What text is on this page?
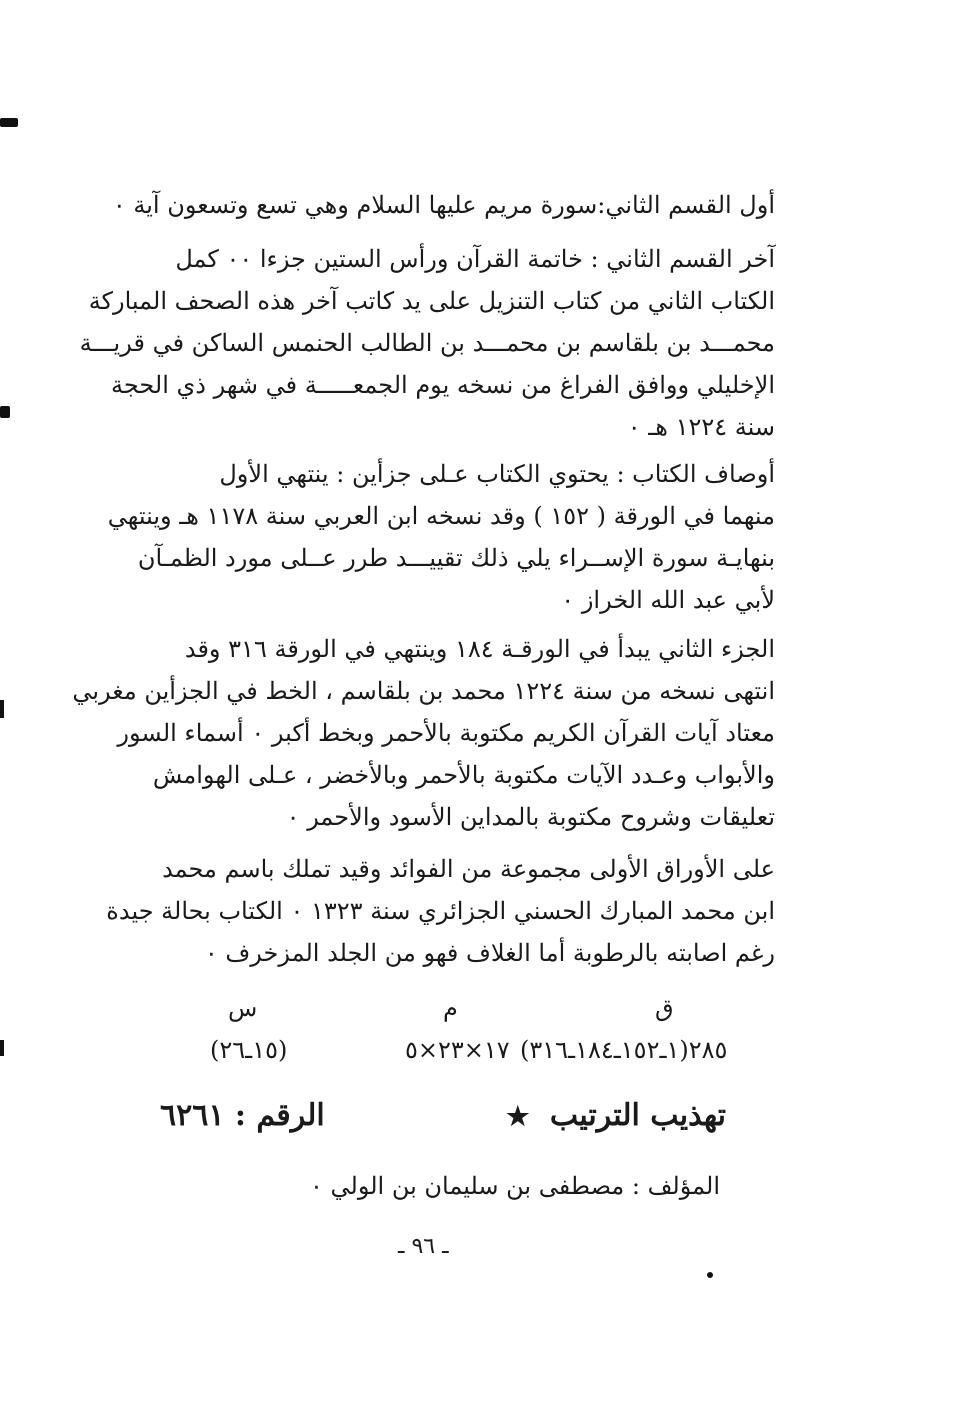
أول القسم الثاني:سورة مريم عليها السلام وهي تسع وتسعون آية ٠
آخر القسم الثاني : خاتمة القرآن ورأس الستين جزءا ٠٠ كمل
الكتاب الثاني من كتاب التنزيل على يد كاتب آخر هذه الصحف المباركة
محمـــد بن بلقاسم بن محمـــد بن الطالب الحنمس الساكن في قريـــة
الإخليلي ووافق الفراغ من نسخه يوم الجمعـــــة في شهر ذي الحجة
سنة ١٢٢٤ هـ ٠
أوصاف الكتاب : يحتوي الكتاب عـلى جزأين : ينتهي الأول
منهما في الورقة ( ١٥٢ ) وقد نسخه ابن العربي سنة ١١٧٨ هـ وينتهي
بنهايـة سورة الإســراء يلي ذلك تقييـــد طرر عــلى مورد الظمـآن
لأبي عبد الله الخراز ٠
الجزء الثاني يبدأ في الورقـة ١٨٤ وينتهي في الورقة ٣١٦ وقد
انتهى نسخه من سنة ١٢٢٤ محمد بن بلقاسم ، الخط في الجزأين مغربي
معتاد آيات القرآن الكريم مكتوبة بالأحمر وبخط أكبر ٠ أسماء السور
والأبواب وعـدد الآيات مكتوبة بالأحمر وبالأخضر ، عـلى الهوامش
تعليقات وشروح مكتوبة بالمداين الأسود والأحمر ٠
على الأوراق الأولى مجموعة من الفوائد وقيد تملك باسم محمد
ابن محمد المبارك الحسني الجزائري سنة ١٣٢٣ ٠ الكتاب بحالة جيدة
رغم اصابته بالرطوبة أما الغلاف فهو من الجلد المزخرف ٠
ق
م
س
٢٨٥(١ـ١٥٢ـ١٨٤ـ٣١٦)
١٧×٢٣×٥
(١٥ـ٢٦)
تهذيب الترتيب ★
الرقم : ٦٢٦١
المؤلف : مصطفى بن سليمان بن الولي ٠
ـ ٩٦ ـ
